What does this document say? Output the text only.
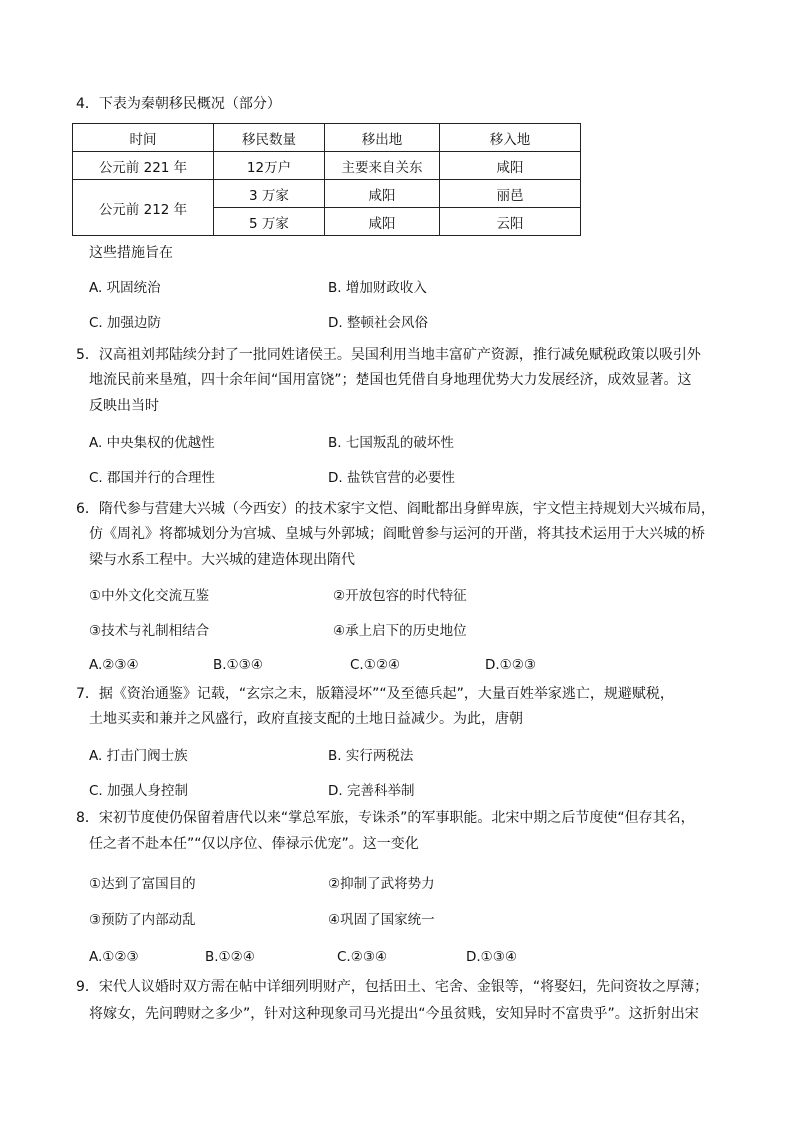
4．下表为秦朝移民概况（部分）
时间	移民数量	移出地	移入地
公元前 221 年	12万户	主要来自关东	咸阳
公元前 212 年	3 万家	咸阳	丽邑
	5 万家	咸阳	云阳
这些措施旨在
A. 巩固统治	B. 增加财政收入
C. 加强边防	D. 整顿社会风俗
5．汉高祖刘邦陆续分封了一批同姓诸侯王。吴国利用当地丰富矿产资源，推行减免赋税政策以吸引外
地流民前来垦殖，四十余年间“国用富饶”；楚国也凭借自身地理优势大力发展经济，成效显著。这
反映出当时
A. 中央集权的优越性	B. 七国叛乱的破坏性
C. 郡国并行的合理性	D. 盐铁官营的必要性
6．隋代参与营建大兴城（今西安）的技术家宇文恺、阎毗都出身鲜卑族，宇文恺主持规划大兴城布局，
仿《周礼》将都城划分为宫城、皇城与外郭城；阎毗曾参与运河的开凿，将其技术运用于大兴城的桥
梁与水系工程中。大兴城的建造体现出隋代
①中外文化交流互鉴	②开放包容的时代特征
③技术与礼制相结合	④承上启下的历史地位
A.②③④	B.①③④	C.①②④	D.①②③
7．据《资治通鉴》记载，“玄宗之末，版籍浸坏”“及至德兵起”，大量百姓举家逃亡，规避赋税，
土地买卖和兼并之风盛行，政府直接支配的土地日益减少。为此，唐朝
A. 打击门阀士族	B. 实行两税法
C. 加强人身控制	D. 完善科举制
8．宋初节度使仍保留着唐代以来“掌总军旅，专诛杀”的军事职能。北宋中期之后节度使“但存其名，
任之者不赴本任”“仅以序位、俸禄示优宠”。这一变化
①达到了富国目的	②抑制了武将势力
③预防了内部动乱	④巩固了国家统一
A.①②③	B.①②④	C.②③④	D.①③④
9．宋代人议婚时双方需在帖中详细列明财产，包括田土、宅舍、金银等，“将娶妇，先问资妆之厚薄；
将嫁女，先问聘财之多少”，针对这种现象司马光提出“今虽贫贱，安知异时不富贵乎”。这折射出宋
